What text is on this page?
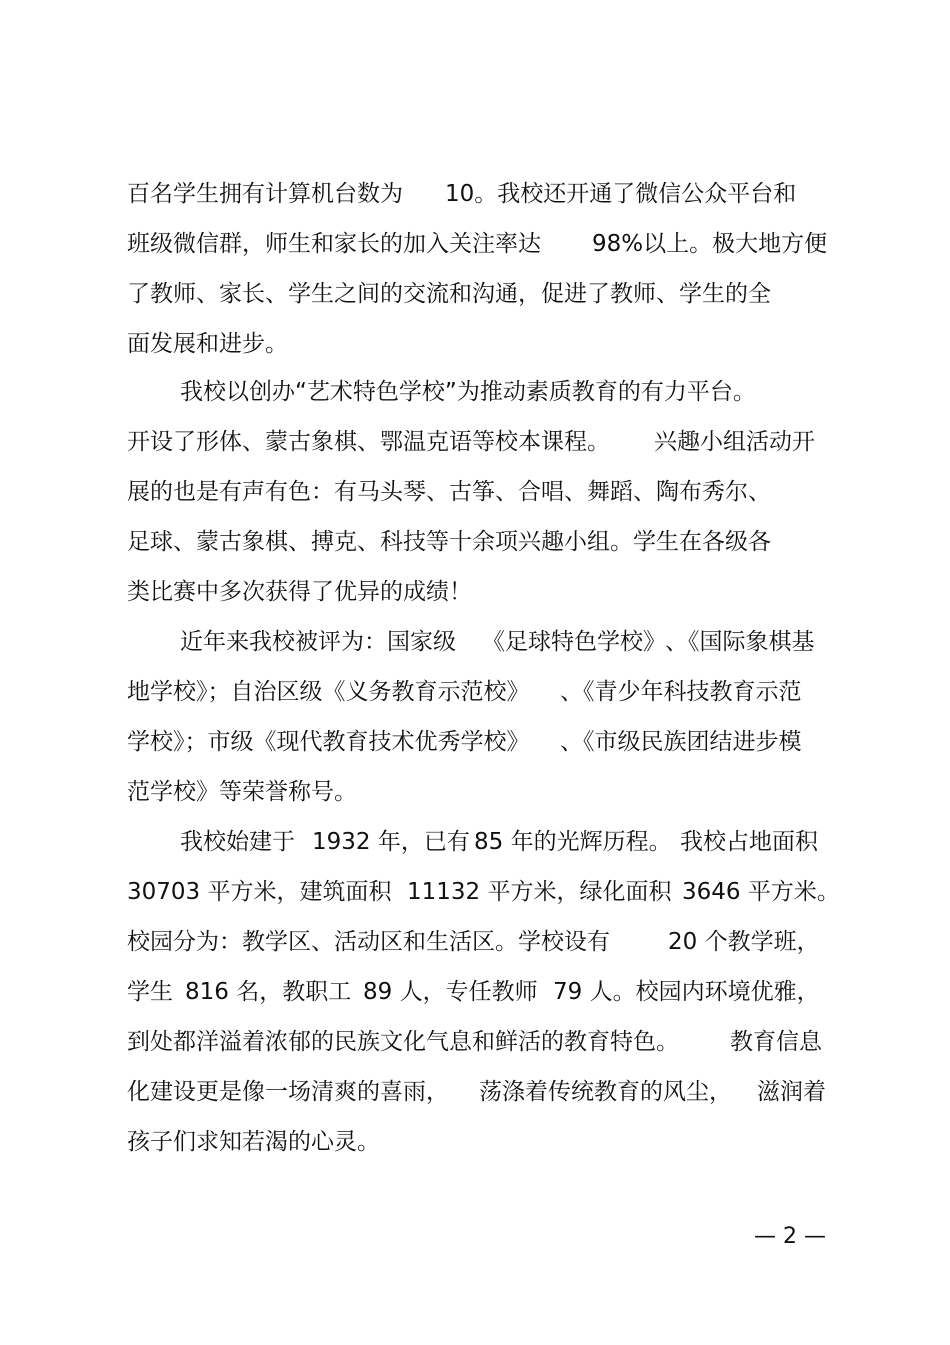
百名学生拥有计算机台数为 10。我校还开通了微信公众平台和
班级微信群，师生和家长的加入关注率达 98%以上。极大地方便
了教师、家长、学生之间的交流和沟通，促进了教师、学生的全
面发展和进步。
我校以创办“艺术特色学校”为推动素质教育的有力平台。
开设了形体、蒙古象棋、鄂温克语等校本课程。 兴趣小组活动开
展的也是有声有色：有马头琴、古筝、合唱、舞蹈、陶布秀尔、
足球、蒙古象棋、搏克、科技等十余项兴趣小组。学生在各级各
类比赛中多次获得了优异的成绩！
近年来我校被评为：国家级 《足球特色学校》 、《国际象棋基
地学校》；自治区级《义务教育示范校》 、《青少年科技教育示范
学校》；市级《现代教育技术优秀学校》 、《市级民族团结进步模
范学校》等荣誉称号。
我校始建于 1932 年，已有 85 年的光辉历程。 我校占地面积
30703 平方米，建筑面积 11132 平方米，绿化面积 3646 平方米。
校园分为：教学区、活动区和生活区。学校设有	20 个教学班，
学生 816 名，教职工 89 人，专任教师 79 人。校园内环境优雅，
到处都洋溢着浓郁的民族文化气息和鲜活的教育特色。 教育信息
化建设更是像一场清爽的喜雨， 荡涤着传统教育的风尘， 滋润着
孩子们求知若渴的心灵。
— 2 —
